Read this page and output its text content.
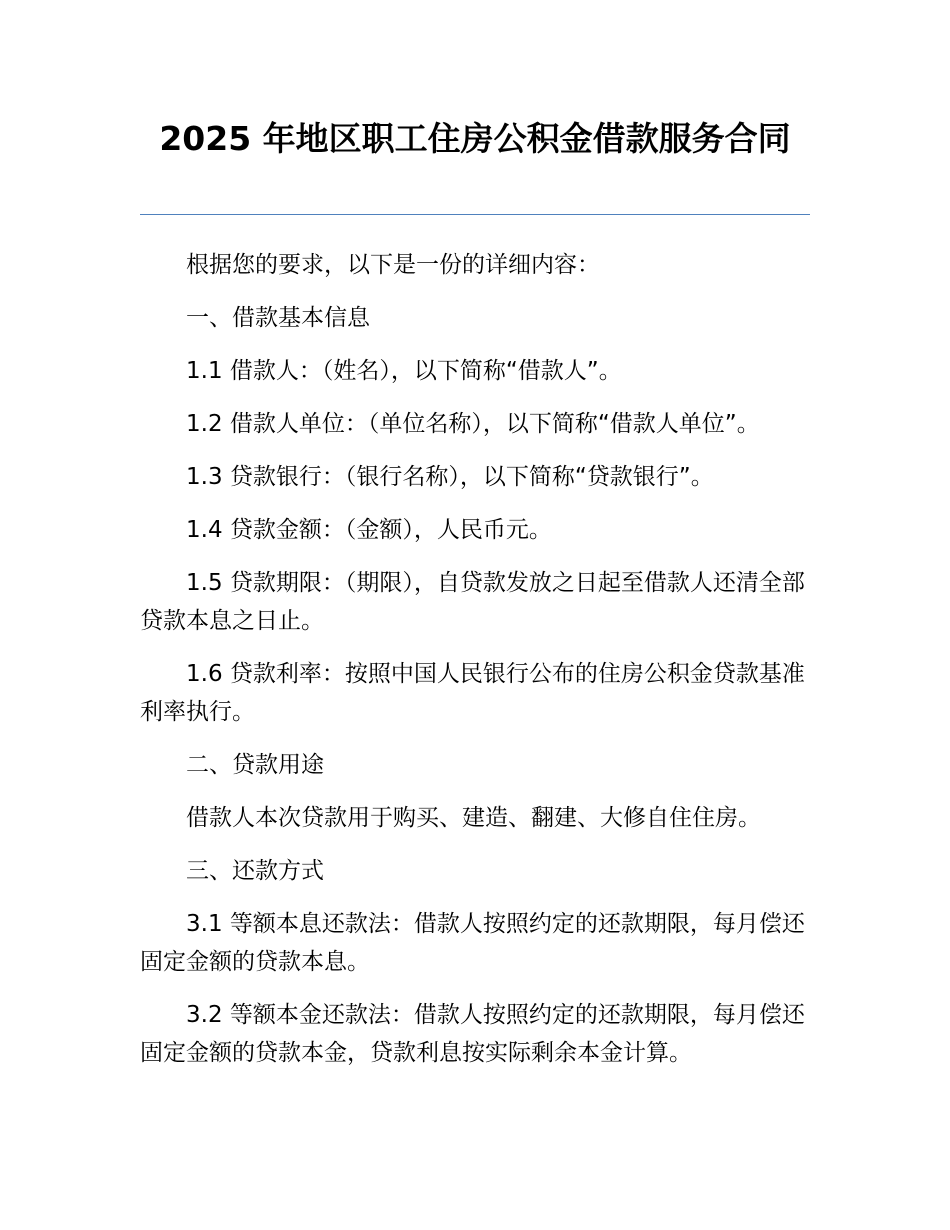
2025 年地区职工住房公积金借款服务合同

根据您的要求，以下是一份的详细内容：

一、借款基本信息

1.1 借款人：（姓名），以下简称“借款人”。

1.2 借款人单位：（单位名称），以下简称“借款人单位”。

1.3 贷款银行：（银行名称），以下简称“贷款银行”。

1.4 贷款金额：（金额），人民币元。

1.5 贷款期限：（期限），自贷款发放之日起至借款人还清全部贷款本息之日止。

1.6 贷款利率：按照中国人民银行公布的住房公积金贷款基准利率执行。

二、贷款用途

借款人本次贷款用于购买、建造、翻建、大修自住住房。

三、还款方式

3.1 等额本息还款法：借款人按照约定的还款期限，每月偿还固定金额的贷款本息。

3.2 等额本金还款法：借款人按照约定的还款期限，每月偿还固定金额的贷款本金，贷款利息按实际剩余本金计算。
